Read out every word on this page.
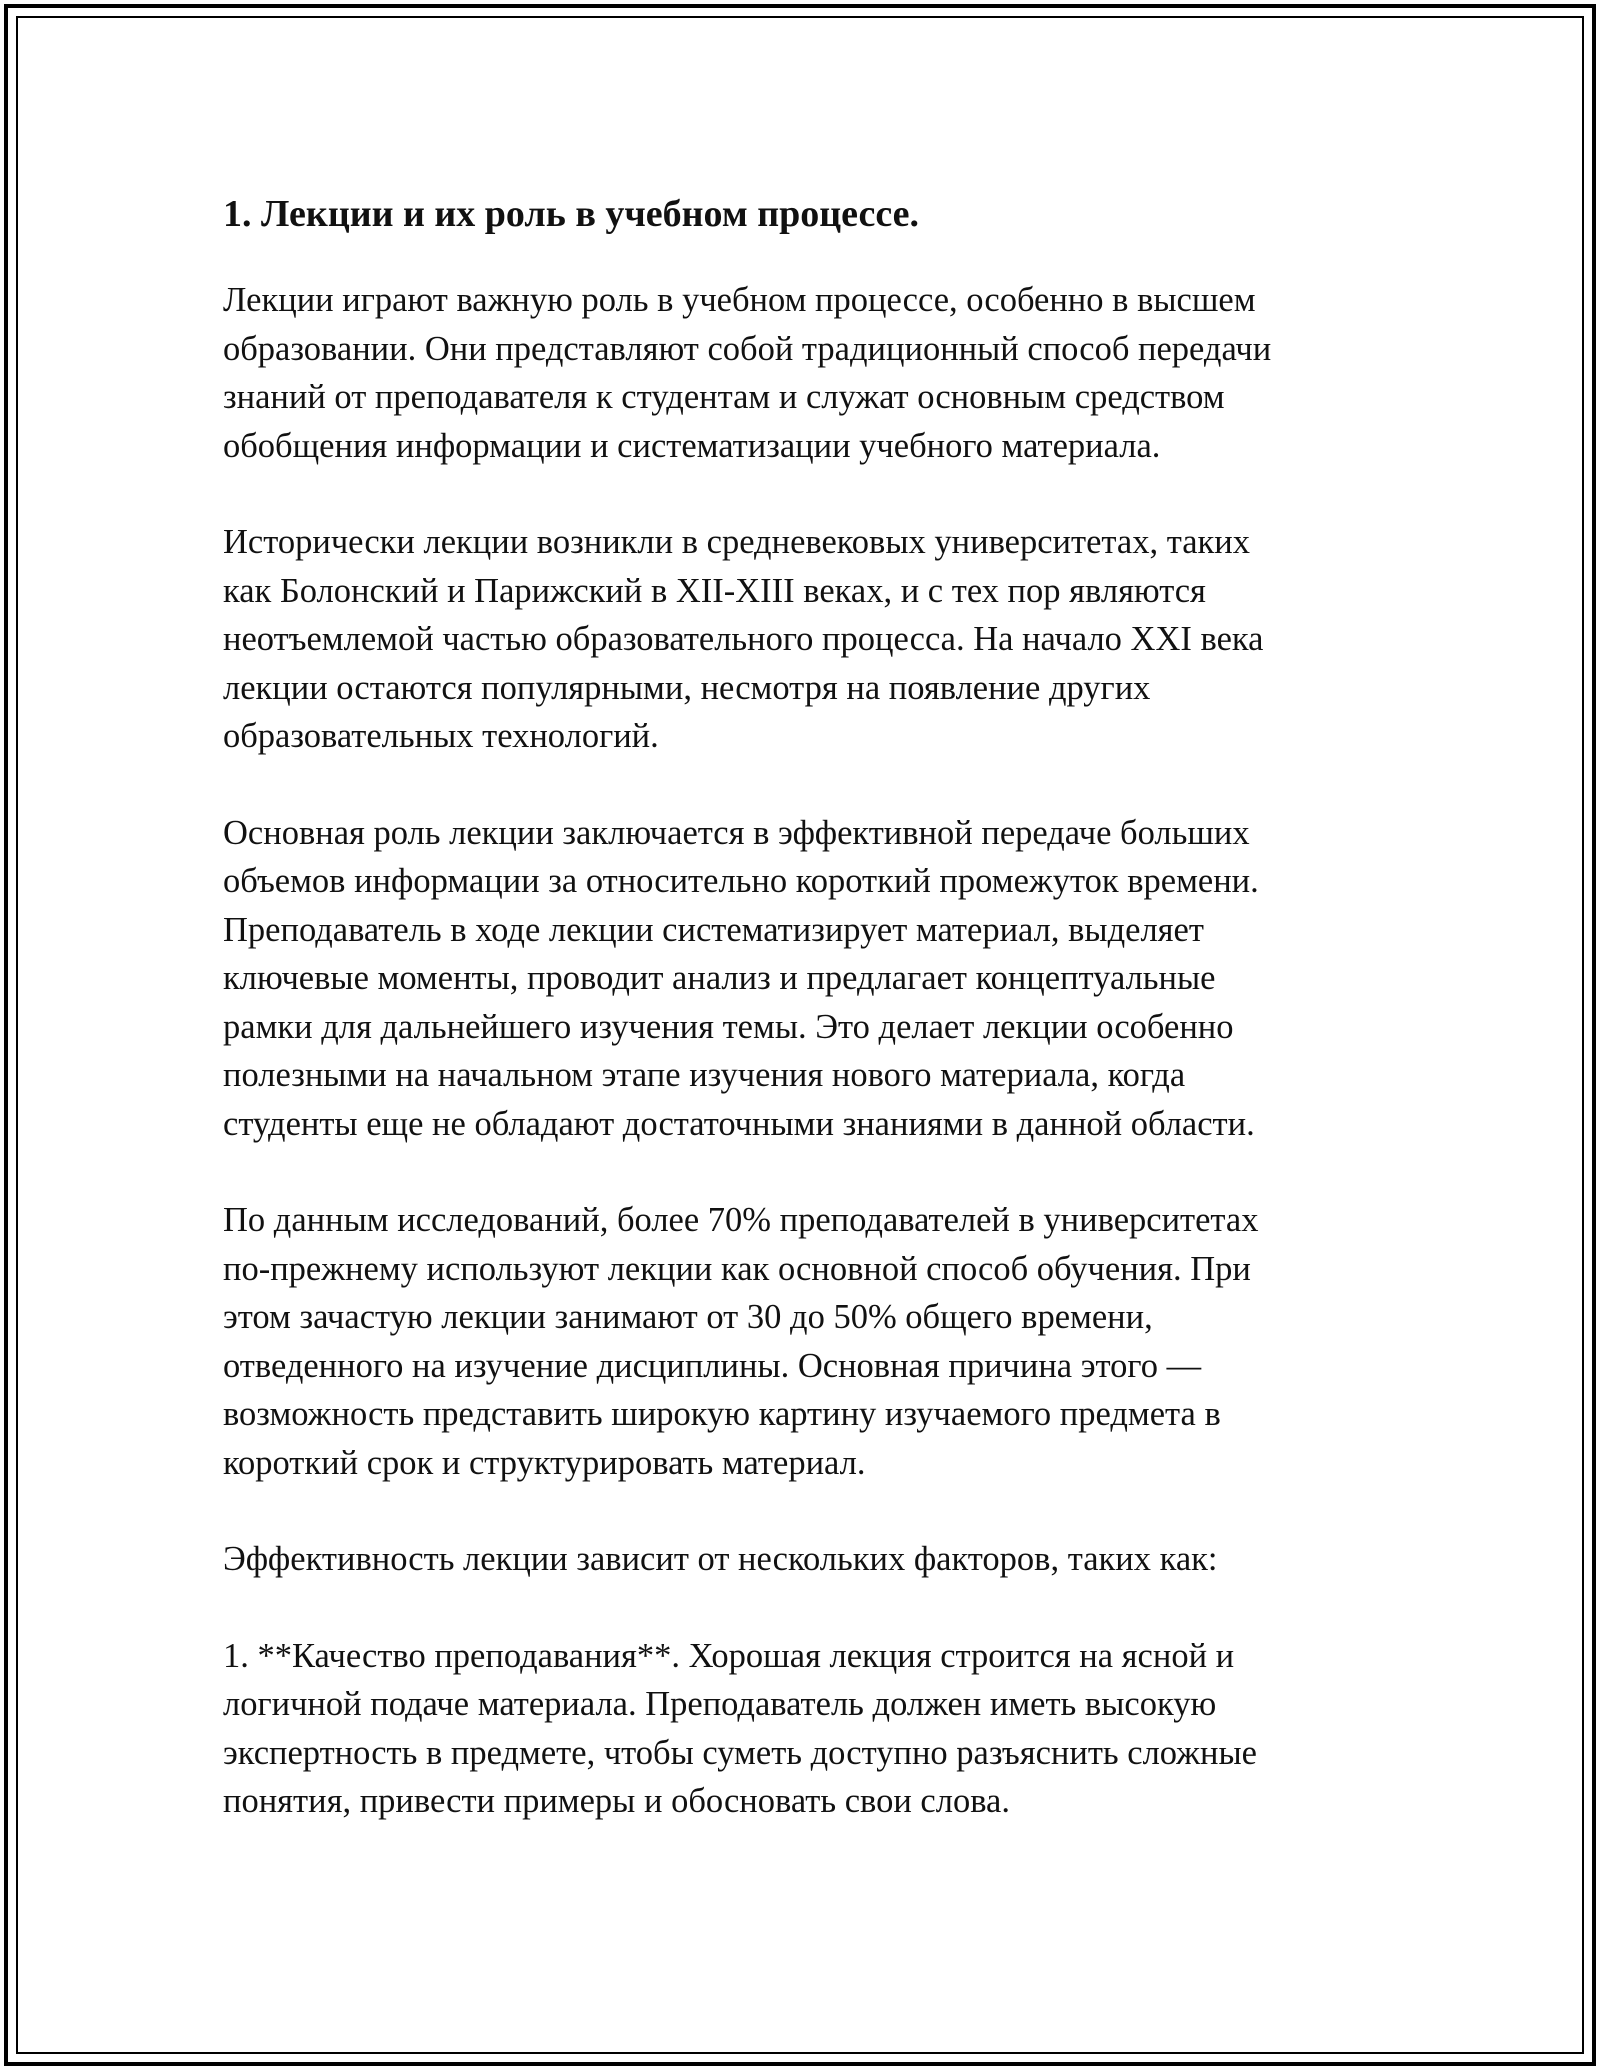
1. Лекции и их роль в учебном процессе.

Лекции играют важную роль в учебном процессе, особенно в высшем
образовании. Они представляют собой традиционный способ передачи
знаний от преподавателя к студентам и служат основным средством
обобщения информации и систематизации учебного материала.

Исторически лекции возникли в средневековых университетах, таких
как Болонский и Парижский в XII-XIII веках, и с тех пор являются
неотъемлемой частью образовательного процесса. На начало XXI века
лекции остаются популярными, несмотря на появление других
образовательных технологий.

Основная роль лекции заключается в эффективной передаче больших
объемов информации за относительно короткий промежуток времени.
Преподаватель в ходе лекции систематизирует материал, выделяет
ключевые моменты, проводит анализ и предлагает концептуальные
рамки для дальнейшего изучения темы. Это делает лекции особенно
полезными на начальном этапе изучения нового материала, когда
студенты еще не обладают достаточными знаниями в данной области.

По данным исследований, более 70% преподавателей в университетах
по-прежнему используют лекции как основной способ обучения. При
этом зачастую лекции занимают от 30 до 50% общего времени,
отведенного на изучение дисциплины. Основная причина этого —
возможность представить широкую картину изучаемого предмета в
короткий срок и структурировать материал.

Эффективность лекции зависит от нескольких факторов, таких как:

1. **Качество преподавания**. Хорошая лекция строится на ясной и
логичной подаче материала. Преподаватель должен иметь высокую
экспертность в предмете, чтобы суметь доступно разъяснить сложные
понятия, привести примеры и обосновать свои слова.
